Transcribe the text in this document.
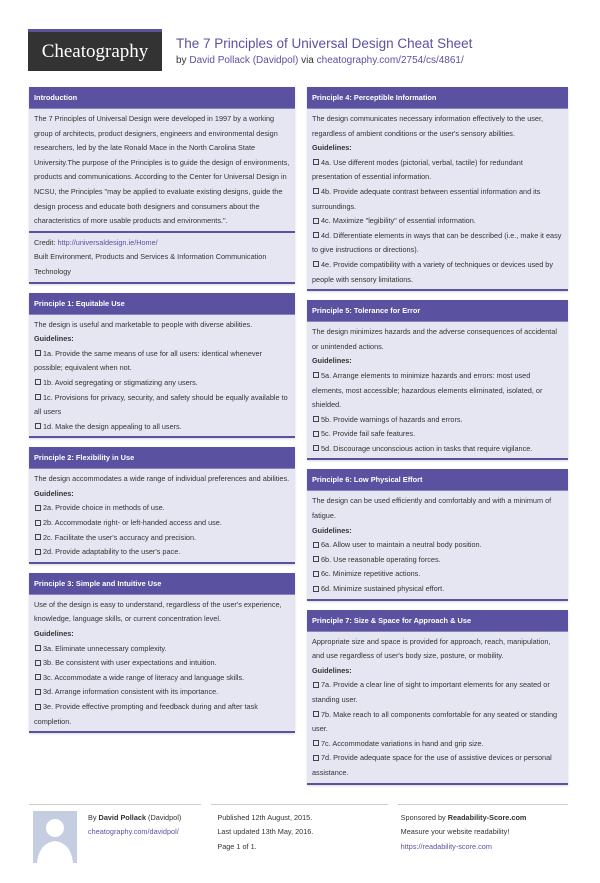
Cheatography The 7 Principles of Universal Design Cheat Sheet
by David Pollack (Davidpol) via cheatography.com/2754/cs/4861/
Introduction
The 7 Principles of Universal Design were developed in 1997 by a working group of architects, product designers, engineers and environmental design researchers, led by the late Ronald Mace in the North Carolina State University.The purpose of the Principles is to guide the design of environments, products and communications. According to the Center for Universal Design in NCSU, the Principles "may be applied to evaluate existing designs, guide the design process and educate both designers and consumers about the characteristics of more usable products and environments.".
Credit: http://universaldesign.ie/Home/
Built Environment, Products and Services & Information Communication Technology
Principle 1: Equitable Use
The design is useful and marketable to people with diverse abilities.
Guidelines:
1a. Provide the same means of use for all users: identical whenever possible; equivalent when not.
1b. Avoid segregating or stigmatizing any users.
1c. Provisions for privacy, security, and safety should be equally available to all users
1d. Make the design appealing to all users.
Principle 2: Flexibility in Use
The design accommodates a wide range of individual preferences and abilities.
Guidelines:
2a. Provide choice in methods of use.
2b. Accommodate right- or left-handed access and use.
2c. Facilitate the user's accuracy and precision.
2d. Provide adaptability to the user's pace.
Principle 3: Simple and Intuitive Use
Use of the design is easy to understand, regardless of the user's experience, knowledge, language skills, or current concentration level.
Guidelines:
3a. Eliminate unnecessary complexity.
3b. Be consistent with user expectations and intuition.
3c. Accommodate a wide range of literacy and language skills.
3d. Arrange information consistent with its importance.
3e. Provide effective prompting and feedback during and after task completion.
Principle 4: Perceptible Information
The design communicates necessary information effectively to the user, regardless of ambient conditions or the user's sensory abilities.
Guidelines:
4a. Use different modes (pictorial, verbal, tactile) for redundant presentation of essential information.
4b. Provide adequate contrast between essential information and its surroundings.
4c. Maximize "legibility" of essential information.
4d. Differentiate elements in ways that can be described (i.e., make it easy to give instructions or directions).
4e. Provide compatibility with a variety of techniques or devices used by people with sensory limitations.
Principle 5: Tolerance for Error
The design minimizes hazards and the adverse consequences of accidental or unintended actions.
Guidelines:
5a. Arrange elements to minimize hazards and errors: most used elements, most accessible; hazardous elements eliminated, isolated, or shielded.
5b. Provide warnings of hazards and errors.
5c. Provide fail safe features.
5d. Discourage unconscious action in tasks that require vigilance.
Principle 6: Low Physical Effort
The design can be used efficiently and comfortably and with a minimum of fatigue.
Guidelines:
6a. Allow user to maintain a neutral body position.
6b. Use reasonable operating forces.
6c. Minimize repetitive actions.
6d. Minimize sustained physical effort.
Principle 7: Size & Space for Approach & Use
Appropriate size and space is provided for approach, reach, manipulation, and use regardless of user's body size, posture, or mobility.
Guidelines:
7a. Provide a clear line of sight to important elements for any seated or standing user.
7b. Make reach to all components comfortable for any seated or standing user.
7c. Accommodate variations in hand and grip size.
7d. Provide adequate space for the use of assistive devices or personal assistance.
By David Pollack (Davidpol)
cheatography.com/davidpol/
Published 12th August, 2015.
Last updated 13th May, 2016.
Page 1 of 1.
Sponsored by Readability-Score.com
Measure your website readability!
https://readability-score.com
